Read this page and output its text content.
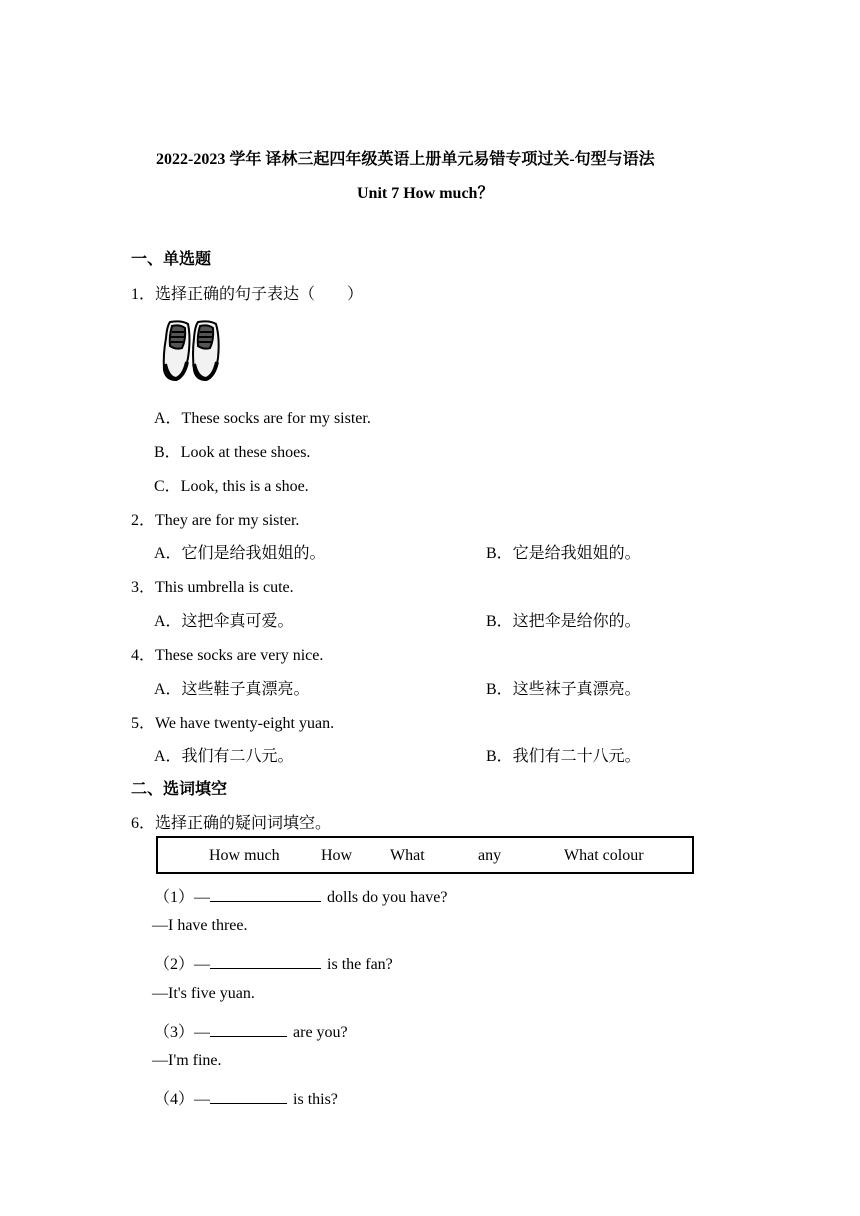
2022-2023 学年 译林三起四年级英语上册单元易错专项过关-句型与语法
Unit 7 How much？
一、单选题
1．选择正确的句子表达（　　）
A．These socks are for my sister.
B．Look at these shoes.
C．Look, this is a shoe.
2．They are for my sister.
A．它们是给我姐姐的。	B．它是给我姐姐的。
3．This umbrella is cute.
A．这把伞真可爱。	B．这把伞是给你的。
4．These socks are very nice.
A．这些鞋子真漂亮。	B．这些袜子真漂亮。
5．We have twenty-eight yuan.
A．我们有二八元。	B．我们有二十八元。
二、选词填空
6．选择正确的疑问词填空。
How much	How What	any	What colour
（1）—	dolls do you have?
—I have three.
（2）—	is the fan?
—It's five yuan.
（3）—	are you?
—I'm fine.
（4）—	is this?
